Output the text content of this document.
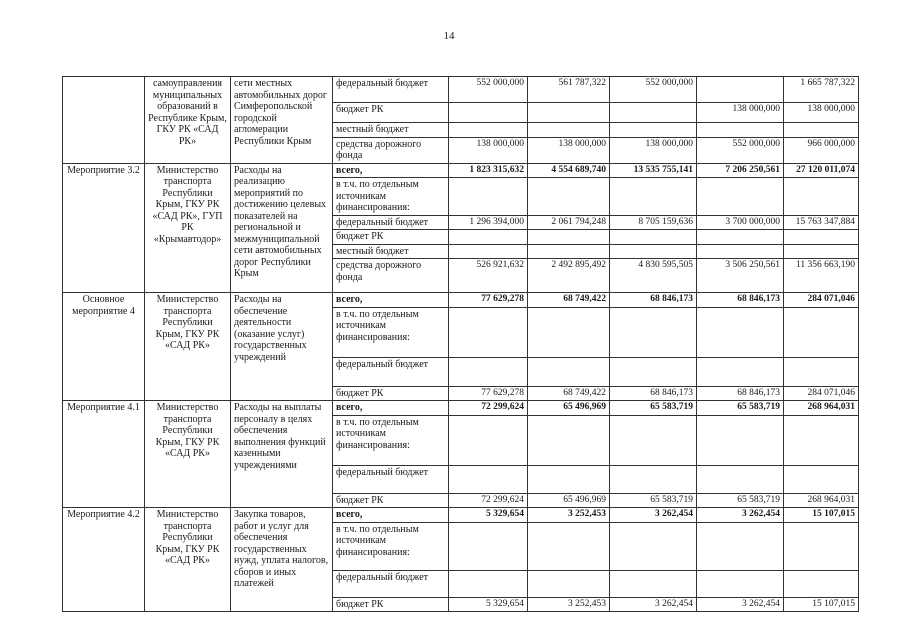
14
	самоуправления муниципальных образований в Республике Крым, ГКУ РК «САД РК»	сети местных автомобильных дорог Симферопольской городской агломерации Республики Крым	федеральный бюджет	552 000,000	561 787,322	552 000,000		1 665 787,322
			бюджет РК				138 000,000	138 000,000
			местный бюджет					
			средства дорожного фонда	138 000,000	138 000,000	138 000,000	552 000,000	966 000,000
Мероприятие 3.2	Министерство транспорта Республики Крым, ГКУ РК «САД РК», ГУП РК «Крымавтодор»	Расходы на реализацию мероприятий по достижению целевых показателей на региональной и межмуниципальной сети автомобильных дорог Республики Крым	всего,	1 823 315,632	4 554 689,740	13 535 755,141	7 206 250,561	27 120 011,074
			в т.ч. по отдельным источникам финансирования:					
			федеральный бюджет	1 296 394,000	2 061 794,248	8 705 159,636	3 700 000,000	15 763 347,884
			бюджет РК					
			местный бюджет					
			средства дорожного фонда	526 921,632	2 492 895,492	4 830 595,505	3 506 250,561	11 356 663,190
Основное мероприятие 4	Министерство транспорта Республики Крым, ГКУ РК «САД РК»	Расходы на обеспечение деятельности (оказание услуг) государственных учреждений	всего,	77 629,278	68 749,422	68 846,173	68 846,173	284 071,046
			в т.ч. по отдельным источникам финансирования:					
			федеральный бюджет					
			бюджет РК	77 629,278	68 749,422	68 846,173	68 846,173	284 071,046
Мероприятие 4.1	Министерство транспорта Республики Крым, ГКУ РК «САД РК»	Расходы на выплаты персоналу в целях обеспечения выполнения функций казенными учреждениями	всего,	72 299,624	65 496,969	65 583,719	65 583,719	268 964,031
			в т.ч. по отдельным источникам финансирования:					
			федеральный бюджет					
			бюджет РК	72 299,624	65 496,969	65 583,719	65 583,719	268 964,031
Мероприятие 4.2	Министерство транспорта Республики Крым, ГКУ РК «САД РК»	Закупка товаров, работ и услуг для обеспечения государственных нужд, уплата налогов, сборов и иных платежей	всего,	5 329,654	3 252,453	3 262,454	3 262,454	15 107,015
			в т.ч. по отдельным источникам финансирования:					
			федеральный бюджет					
			бюджет РК	5 329,654	3 252,453	3 262,454	3 262,454	15 107,015
